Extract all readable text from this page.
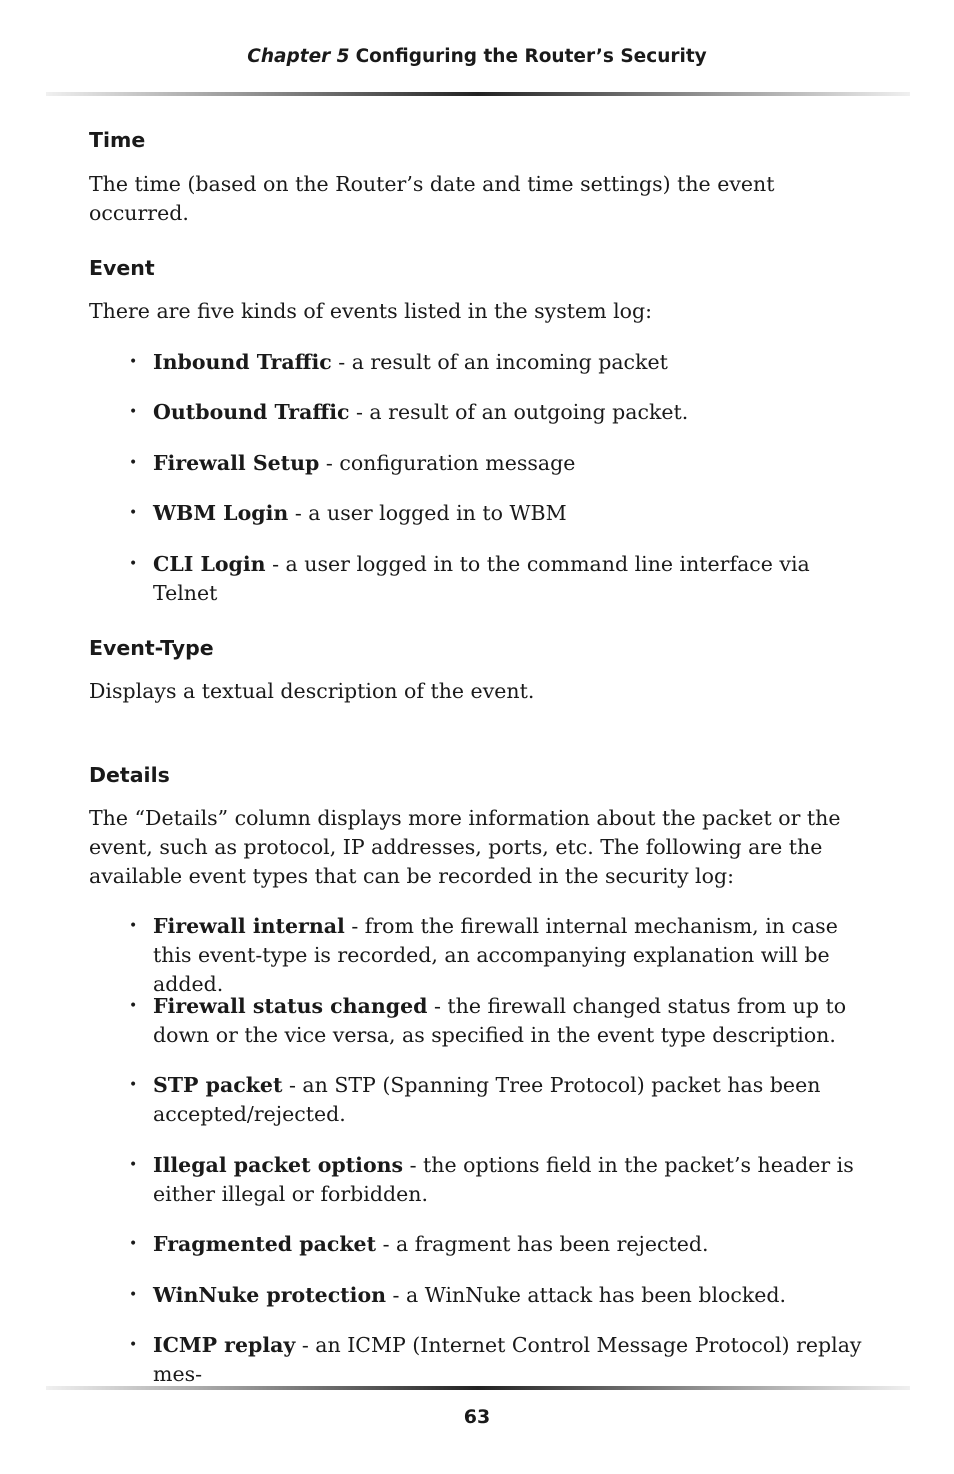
Chapter 5 Configuring the Router’s Security
Time

The time (based on the Router’s date and time settings) the event occurred.

Event

There are five kinds of events listed in the system log:

• Inbound Traffic - a result of an incoming packet
• Outbound Traffic - a result of an outgoing packet.
• Firewall Setup - configuration message
• WBM Login - a user logged in to WBM
• CLI Login - a user logged in to the command line interface via Telnet
Event-Type

Displays a textual description of the event.

Details

The “Details” column displays more information about the packet or the event, such as protocol, IP addresses, ports, etc. The following are the available event types that can be recorded in the security log:

• Firewall internal - from the firewall internal mechanism, in case this event-type is recorded, an accompanying explanation will be added.
• Firewall status changed - the firewall changed status from up to down or the vice versa, as specified in the event type description.
• STP packet - an STP (Spanning Tree Protocol) packet has been accepted/rejected.
• Illegal packet options - the options field in the packet’s header is either illegal or forbidden.
• Fragmented packet - a fragment has been rejected.
• WinNuke protection - a WinNuke attack has been blocked.
• ICMP replay - an ICMP (Internet Control Message Protocol) replay mes-
63
